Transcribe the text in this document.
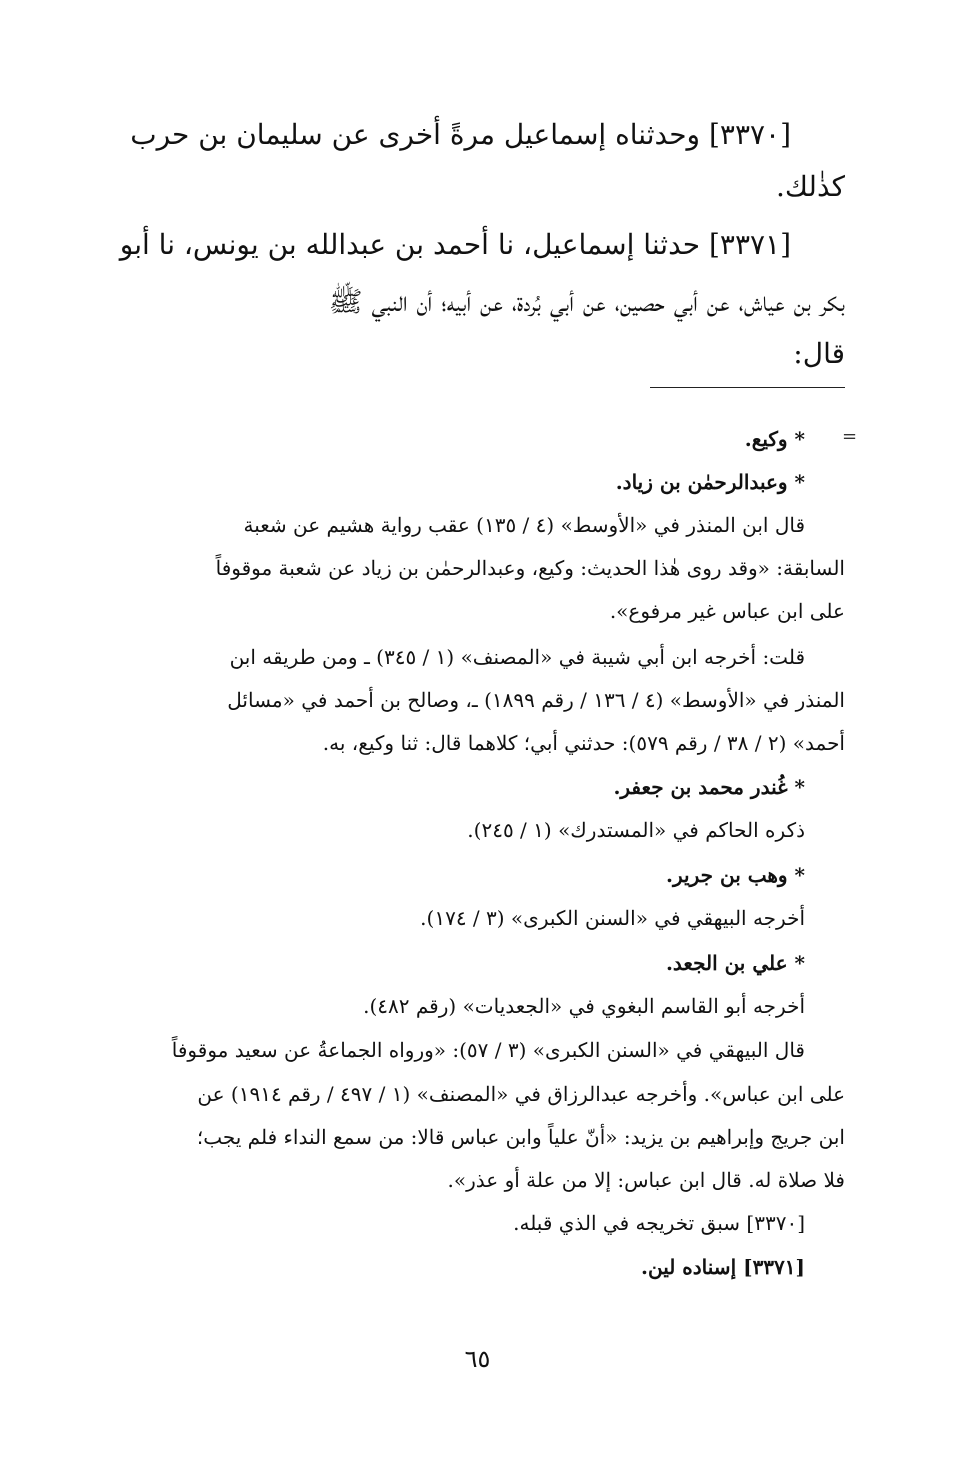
[٣٣٧٠] وحدثناه إسماعيل مرةً أخرى عن سليمان بن حرب
كذٰلك.
[٣٣٧١] حدثنا إسماعيل، نا أحمد بن عبدالله بن يونس، نا أبو
بكر بن عياش، عن أبي حصين، عن أبي بُردة، عن أبيه؛ أن النبي ﷺ
قال:
=
* وكيع.
* وعبدالرحمٰن بن زياد.
قال ابن المنذر في «الأوسط» (٤ / ١٣٥) عقب رواية هشيم عن شعبة
السابقة: «وقد روى هٰذا الحديث: وكيع، وعبدالرحمٰن بن زياد عن شعبة موقوفاً
على ابن عباس غير مرفوع».
قلت: أخرجه ابن أبي شيبة في «المصنف» (١ / ٣٤٥) ـ ومن طريقه ابن
المنذر في «الأوسط» (٤ / ١٣٦ / رقم ١٨٩٩) ـ، وصالح بن أحمد في «مسائل
أحمد» (٢ / ٣٨ / رقم ٥٧٩): حدثني أبي؛ كلاهما قال: ثنا وكيع، به.
* غُندر محمد بن جعفر.
ذكره الحاكم في «المستدرك» (١ / ٢٤٥).
* وهب بن جرير.
أخرجه البيهقي في «السنن الكبرى» (٣ / ١٧٤).
* علي بن الجعد.
أخرجه أبو القاسم البغوي في «الجعديات» (رقم ٤٨٢).
قال البيهقي في «السنن الكبرى» (٣ / ٥٧): «ورواه الجماعةُ عن سعيد موقوفاً
على ابن عباس». وأخرجه عبدالرزاق في «المصنف» (١ / ٤٩٧ / رقم ١٩١٤) عن
ابن جريج وإبراهيم بن يزيد: «أنّ علياً وابن عباس قالا: من سمع النداء فلم يجب؛
فلا صلاة له. قال ابن عباس: إلا من علة أو عذر».
[٣٣٧٠] سبق تخريجه في الذي قبله.
[٣٣٧١] إسناده لين.
٦٥
